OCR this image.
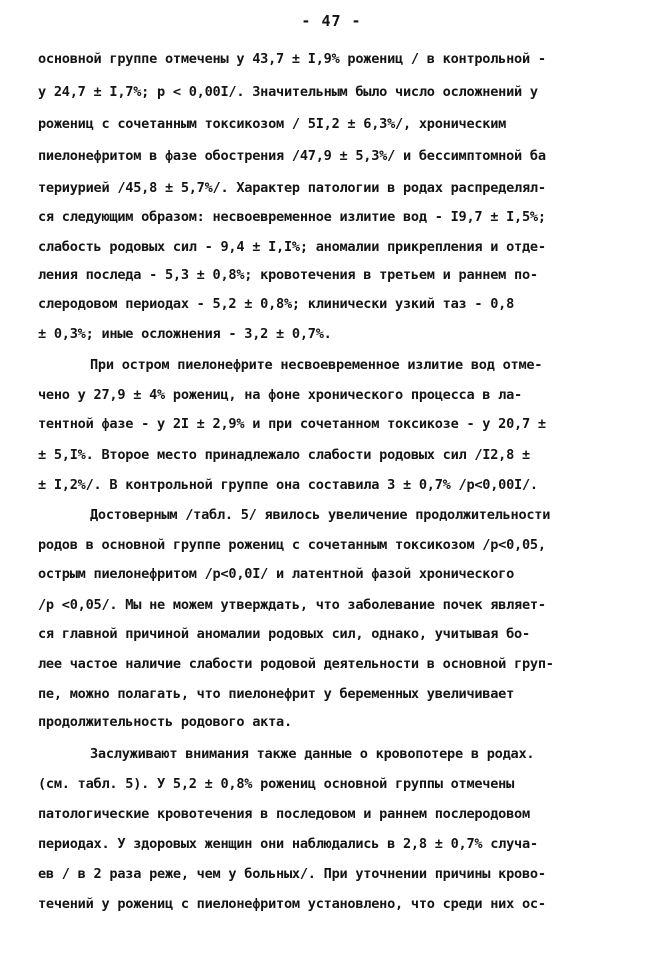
- 47 -
основной группе отмечены у 43,7 ± I,9% рожениц / в контрольной -
у 24,7 ± I,7%; p < 0,00I/. Значительным было число осложнений у
рожениц с сочетанным токсикозом / 5I,2 ± 6,3%/, хроническим
пиелонефритом в фазе обострения /47,9 ± 5,3%/ и бессимптомной ба
териурией /45,8 ± 5,7%/. Характер патологии в родах распределял-
ся следующим образом: несвоевременное излитие вод - I9,7 ± I,5%;
слабость родовых сил - 9,4 ± I,I%; аномалии прикрепления и отде-
ления последа - 5,3 ± 0,8%; кровотечения в третьем и раннем по-
слеродовом периодах - 5,2 ± 0,8%; клинически узкий таз - 0,8
± 0,3%; иные осложнения - 3,2 ± 0,7%.
При остром пиелонефрите несвоевременное излитие вод отме-
чено у 27,9 ± 4% рожениц, на фоне хронического процесса в ла-
тентной фазе - у 2I ± 2,9% и при сочетанном токсикозе - у 20,7 ±
± 5,I%. Второе место принадлежало слабости родовых сил /I2,8 ±
± I,2%/. В контрольной группе она составила 3 ± 0,7% /p<0,00I/.
Достоверным /табл. 5/ явилось увеличение продолжительности
родов в основной группе рожениц с сочетанным токсикозом /p<0,05,
острым пиелонефритом /p<0,0I/ и латентной фазой хронического
/p <0,05/. Мы не можем утверждать, что заболевание почек являет-
ся главной причиной аномалии родовых сил, однако, учитывая бо-
лее частое наличие слабости родовой деятельности в основной груп-
пе, можно полагать, что пиелонефрит у беременных увеличивает
продолжительность родового акта.
Заслуживают внимания также данные о кровопотере в родах.
(см. табл. 5). У 5,2 ± 0,8% рожениц основной группы отмечены
патологические кровотечения в последовом и раннем послеродовом
периодах. У здоровых женщин они наблюдались в 2,8 ± 0,7% случа-
ев / в 2 раза реже, чем у больных/. При уточнении причины крово-
течений у рожениц с пиелонефритом установлено, что среди них ос-
